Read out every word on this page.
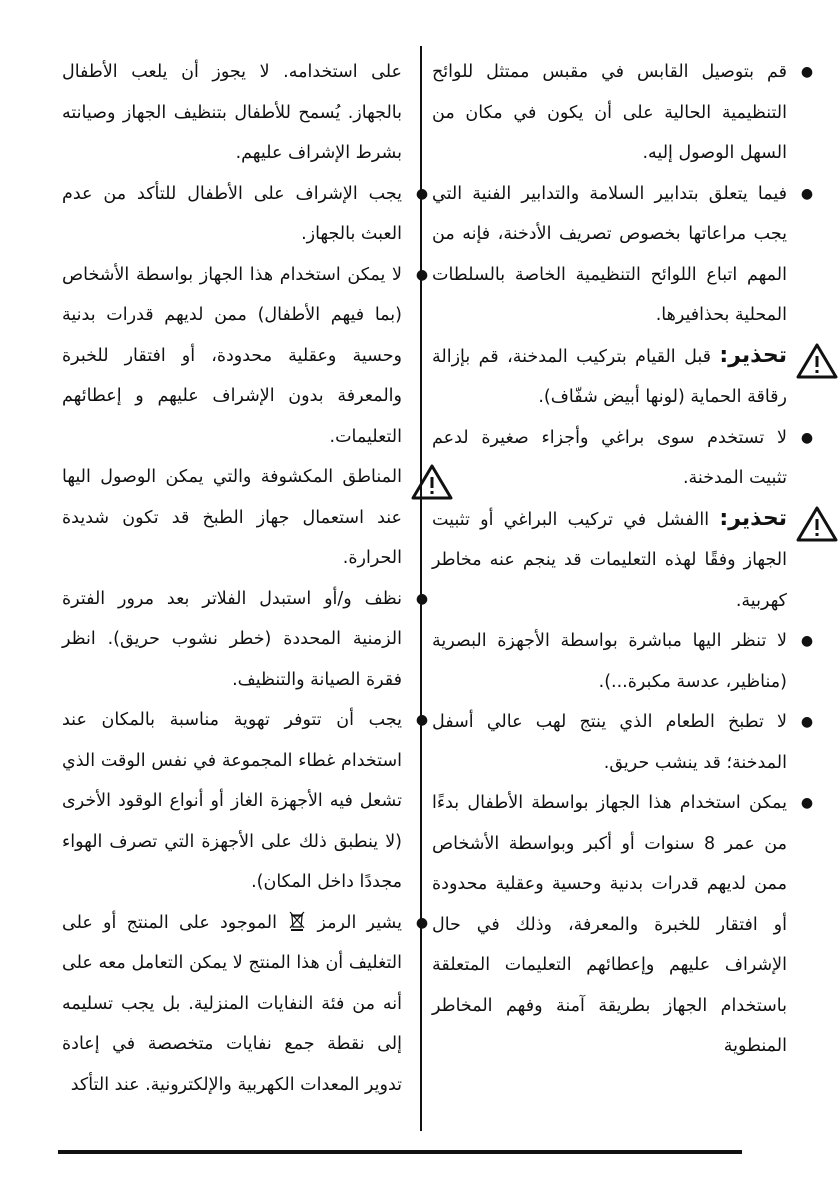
●
قم بتوصيل القابس في مقبس ممتثل للوائح التنظيمية الحالية على أن يكون في مكان من السهل الوصول إليه.
●
فيما يتعلق بتدابير السلامة والتدابير الفنية التي يجب مراعاتها بخصوص تصريف الأدخنة، فإنه من المهم اتباع اللوائح التنظيمية الخاصة بالسلطات المحلية بحذافيرها.
تحذير: قبل القيام بتركيب المدخنة، قم بإزالة رقاقة الحماية (لونها أبيض شفّاف).
●
لا تستخدم سوى براغي وأجزاء صغيرة لدعم تثبيت المدخنة.
تحذير: االفشل في تركيب البراغي أو تثبيت الجهاز وفقًا لهذه التعليمات قد ينجم عنه مخاطر كهربية.
●
لا تنظر اليها مباشرة بواسطة الأجهزة البصرية (مناظير، عدسة مكبرة...).
●
لا تطبخ الطعام الذي ينتج لهب عالي أسفل المدخنة؛ قد ينشب حريق.
●
يمكن استخدام هذا الجهاز بواسطة الأطفال بدءًا من عمر 8 سنوات أو أكبر وبواسطة الأشخاص ممن لديهم قدرات بدنية وحسية وعقلية محدودة أو افتقار للخبرة والمعرفة، وذلك في حال الإشراف عليهم وإعطائهم التعليمات المتعلقة باستخدام الجهاز بطريقة آمنة وفهم المخاطر المنطوية
على استخدامه. لا يجوز أن يلعب الأطفال بالجهاز. يُسمح للأطفال بتنظيف الجهاز وصيانته بشرط الإشراف عليهم.
●
يجب الإشراف على الأطفال للتأكد من عدم العبث بالجهاز.
●
لا يمكن استخدام هذا الجهاز بواسطة الأشخاص (بما فيهم الأطفال) ممن لديهم قدرات بدنية وحسية وعقلية محدودة، أو افتقار للخبرة والمعرفة بدون الإشراف عليهم و إعطائهم التعليمات.
المناطق المكشوفة والتي يمكن الوصول اليها عند استعمال جهاز الطبخ قد تكون شديدة الحرارة.
●
نظف و/أو استبدل الفلاتر بعد مرور الفترة الزمنية المحددة (خطر نشوب حريق). انظر فقرة الصيانة والتنظيف.
●
يجب أن تتوفر تهوية مناسبة بالمكان عند استخدام غطاء المجموعة في نفس الوقت الذي تشعل فيه الأجهزة الغاز أو أنواع الوقود الأخرى (لا ينطبق ذلك على الأجهزة التي تصرف الهواء مجددًا داخل المكان).
●
يشير الرمز  الموجود على المنتج أو على التغليف أن هذا المنتج لا يمكن التعامل معه على أنه من فئة النفايات المنزلية. بل يجب تسليمه إلى نقطة جمع نفايات متخصصة في إعادة تدوير المعدات الكهربية والإلكترونية. عند التأكد
